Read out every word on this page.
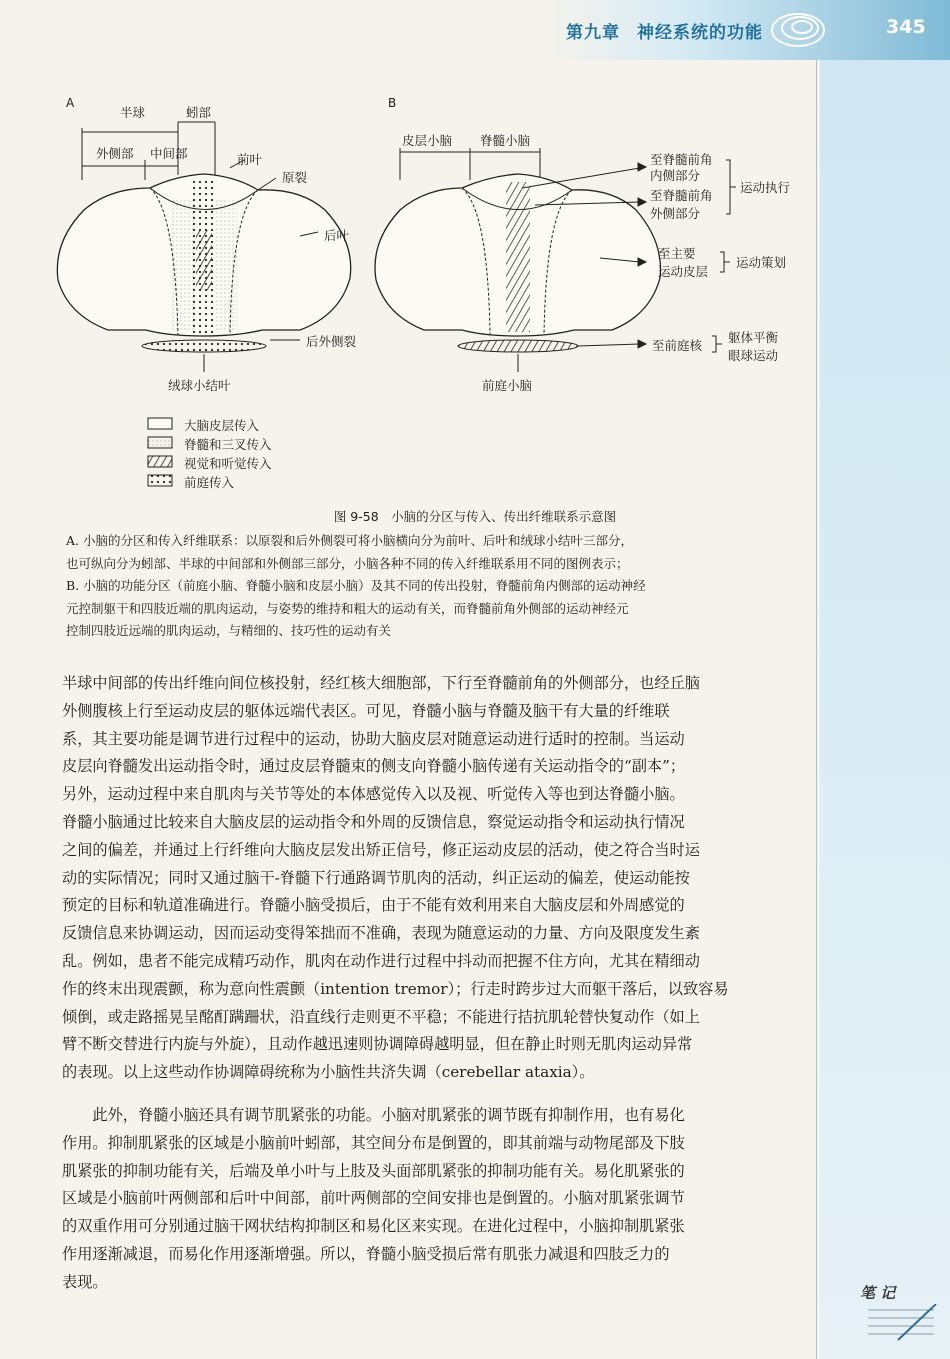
第九章 神经系统的功能	345
A	B
半球	蚓部
外侧部 中间部	前叶
原裂
后叶
后外侧裂
绒球小结叶
皮层小脑 脊髓小脑
至脊髓前角
内侧部分
至脊髓前角
外侧部分
运动执行
至主要
运动皮层
运动策划
至前庭核
躯体平衡
眼球运动
前庭小脑
大脑皮层传入
脊髓和三叉传入
视觉和听觉传入
前庭传入
图 9-58　小脑的分区与传入、传出纤维联系示意图
A. 小脑的分区和传入纤维联系：以原裂和后外侧裂可将小脑横向分为前叶、后叶和绒球小结叶三部分，
也可纵向分为蚓部、半球的中间部和外侧部三部分，小脑各种不同的传入纤维联系用不同的图例表示；
B. 小脑的功能分区（前庭小脑、脊髓小脑和皮层小脑）及其不同的传出投射，脊髓前角内侧部的运动神经
元控制躯干和四肢近端的肌肉运动，与姿势的维持和粗大的运动有关，而脊髓前角外侧部的运动神经元
控制四肢近远端的肌肉运动，与精细的、技巧性的运动有关
半球中间部的传出纤维向间位核投射，经红核大细胞部，下行至脊髓前角的外侧部分，也经丘脑
外侧腹核上行至运动皮层的躯体远端代表区。可见，脊髓小脑与脊髓及脑干有大量的纤维联
系，其主要功能是调节进行过程中的运动，协助大脑皮层对随意运动进行适时的控制。当运动
皮层向脊髓发出运动指令时，通过皮层脊髓束的侧支向脊髓小脑传递有关运动指令的“副本”；
另外，运动过程中来自肌肉与关节等处的本体感觉传入以及视、听觉传入等也到达脊髓小脑。
脊髓小脑通过比较来自大脑皮层的运动指令和外周的反馈信息，察觉运动指令和运动执行情况
之间的偏差，并通过上行纤维向大脑皮层发出矫正信号，修正运动皮层的活动，使之符合当时运
动的实际情况；同时又通过脑干-脊髓下行通路调节肌肉的活动，纠正运动的偏差，使运动能按
预定的目标和轨道准确进行。脊髓小脑受损后，由于不能有效利用来自大脑皮层和外周感觉的
反馈信息来协调运动，因而运动变得笨拙而不准确，表现为随意运动的力量、方向及限度发生紊
乱。例如，患者不能完成精巧动作，肌肉在动作进行过程中抖动而把握不住方向，尤其在精细动
作的终末出现震颤，称为意向性震颤（intention tremor）；行走时跨步过大而躯干落后，以致容易
倾倒，或走路摇晃呈酩酊蹒跚状，沿直线行走则更不平稳；不能进行拮抗肌轮替快复动作（如上
臂不断交替进行内旋与外旋），且动作越迅速则协调障碍越明显，但在静止时则无肌肉运动异常
的表现。以上这些动作协调障碍统称为小脑性共济失调（cerebellar ataxia）。
　　此外，脊髓小脑还具有调节肌紧张的功能。小脑对肌紧张的调节既有抑制作用，也有易化
作用。抑制肌紧张的区域是小脑前叶蚓部，其空间分布是倒置的，即其前端与动物尾部及下肢
肌紧张的抑制功能有关，后端及单小叶与上肢及头面部肌紧张的抑制功能有关。易化肌紧张的
区域是小脑前叶两侧部和后叶中间部，前叶两侧部的空间安排也是倒置的。小脑对肌紧张调节
的双重作用可分别通过脑干网状结构抑制区和易化区来实现。在进化过程中，小脑抑制肌紧张
作用逐渐减退，而易化作用逐渐增强。所以，脊髓小脑受损后常有肌张力减退和四肢乏力的
表现。
笔 记
